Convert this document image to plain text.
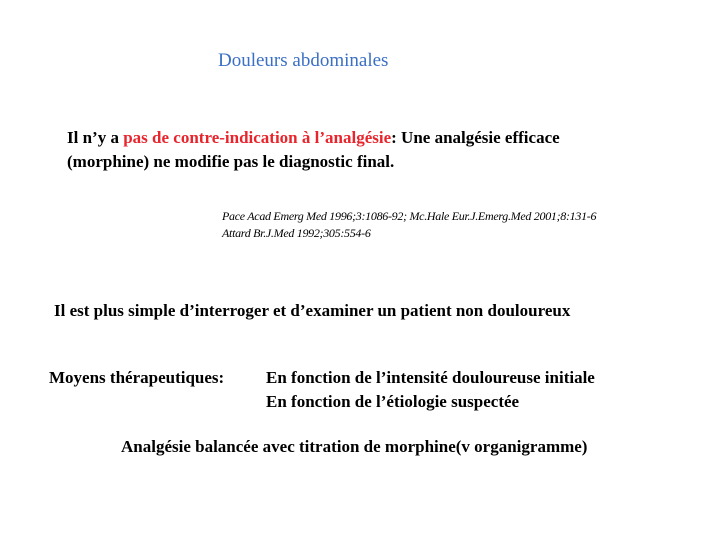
Douleurs abdominales
Il n’y a pas de contre-indication à l’analgésie: Une analgésie efficace
(morphine) ne modifie pas le diagnostic final.
Pace Acad Emerg Med 1996;3:1086-92; Mc.Hale Eur.J.Emerg.Med 2001;8:131-6
Attard Br.J.Med 1992;305:554-6
Il est plus simple d’interroger et d’examiner un patient non douloureux
Moyens thérapeutiques:	En fonction de l’intensité douloureuse initiale
En fonction de l’étiologie suspectée
Analgésie balancée avec titration de morphine(v organigramme)
